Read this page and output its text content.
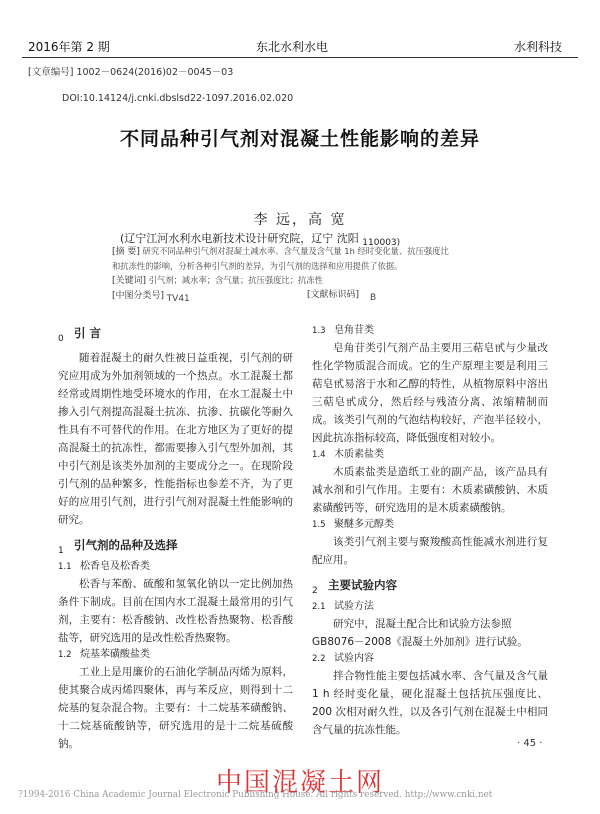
2016年第 2 期	东北水利水电	水利科技
[文章编号] 1002－0624(2016)02－0045－03
DOI:10.14124/j.cnki.dbslsd22-1097.2016.02.020
不同品种引气剂对混凝土性能影响的差异
李 远，高 宽
(辽宁江河水利水电新技术设计研究院，辽宁 沈阳 $_{110003)}$
[摘 要] 研究不同品种引气剂对混凝土减水率、含气量及含气量 1h 经时变化量、抗压强度比
和抗冻性的影响，分析各种引气剂的差异，为引气剂的选择和应用提供了依据。
[关键词] 引气剂；减水率；含气量；抗压强度比；抗冻性
[中图分类号] TV41	[文献标识码] B
0 引 言

随着混凝土的耐久性被日益重视，引气剂的研究应用成为外加剂领域的一个热点。水工混凝土都经常或周期性地受环境水的作用，在水工混凝土中掺入引气剂提高混凝土抗冻、抗渗、抗碳化等耐久性具有不可替代的作用。在北方地区为了更好的提高混凝土的抗冻性，都需要掺入引气型外加剂，其中引气剂是该类外加剂的主要成分之一。在现阶段引气剂的品种繁多，性能指标也参差不齐，为了更好的应用引气剂，进行引气剂对混凝土性能影响的研究。

1 引气剂的品种及选择
1.1 松香皂及松香类

松香与苯酚、硫酸和氢氧化钠以一定比例加热条件下制成。目前在国内水工混凝土最常用的引气剂，主要有：松香酸钠、改性松香热聚物、松香酸盐等，研究选用的是改性松香热聚物。

1.2 烷基苯磺酸盐类

工业上是用廉价的石油化学制品丙烯为原料，使其聚合成丙烯四聚体，再与苯反应，则得到十二烷基的复杂混合物。主要有：十二烷基苯磺酸钠、十二烷基硫酸钠等，研究选用的是十二烷基硫酸钠。

1.3 皂角苷类

皂角苷类引气剂产品主要用三萜皂甙与少量改性化学物质混合而成。它的生产原理主要是利用三萜皂甙易溶于水和乙醇的特性，从植物原料中溶出三萜皂甙成分，然后经与残渣分离、浓缩精制而成。该类引气剂的气泡结构较好，产泡半径较小，因此抗冻指标较高，降低强度相对较小。

1.4 木质素盐类

木质素盐类是造纸工业的副产品，该产品具有减水剂和引气作用。主要有：木质素磺酸钠、木质素磺酸钙等，研究选用的是木质素磺酸钠。

1.5 聚醚多元醇类

该类引气剂主要与聚羧酸高性能减水剂进行复配应用。

2 主要试验内容
2.1 试验方法

研究中，混凝土配合比和试验方法参照

GB8076－2008《混凝土外加剂》进行试验。
2.2 试验内容

拌合物性能主要包括减水率、含气量及含气量 1 h 经时变化量，硬化混凝土包括抗压强度比、200 次相对耐久性，以及各引气剂在混凝土中相同含气量的抗冻性能。

· 45 ·
中国混凝土网
?1994-2016 China Academic Journal Electronic Publishing House. All rights reserved. http://www.cnki.net
